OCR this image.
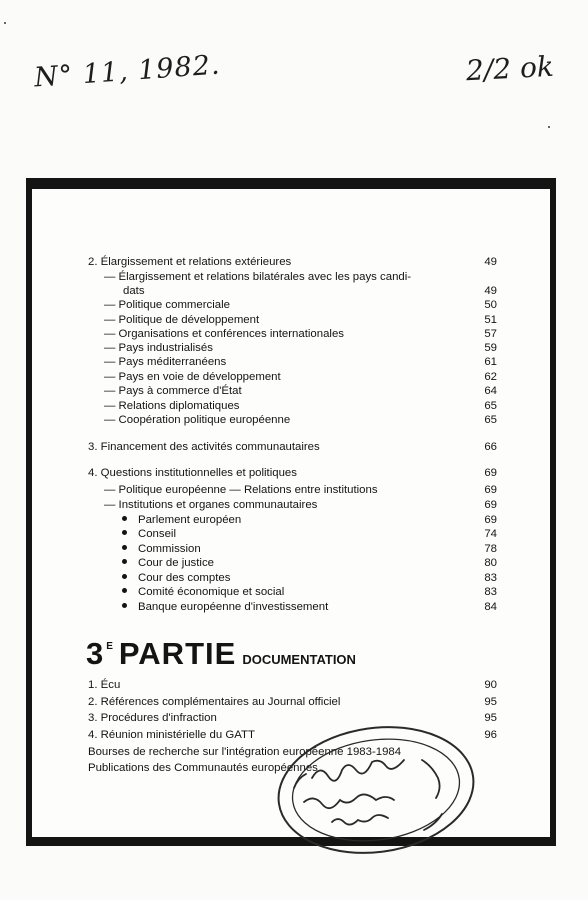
N° 11, 1982.	2/2 ok
2. Élargissement et relations extérieures	49
— Élargissement et relations bilatérales avec les pays candi-
dats	49
— Politique commerciale	50
— Politique de développement	51
— Organisations et conférences internationales	57
— Pays industrialisés	59
— Pays méditerranéens	61
— Pays en voie de développement	62
— Pays à commerce d'État	64
— Relations diplomatiques	65
— Coopération politique européenne	65
3. Financement des activités communautaires	66
4. Questions institutionnelles et politiques	69
— Politique européenne — Relations entre institutions	69
— Institutions et organes communautaires	69
Parlement européen	69
Conseil	74
Commission	78
Cour de justice	80
Cour des comptes	83
Comité économique et social	83
Banque européenne d'investissement	84
3 $^E$ PARTIE DOCUMENTATION
1. Écu	90
2. Références complémentaires au Journal officiel	95
3. Procédures d'infraction	95
4. Réunion ministérielle du GATT	96
Bourses de recherche sur l'intégration européenne 1983-1984
Publications des Communautés européennes
